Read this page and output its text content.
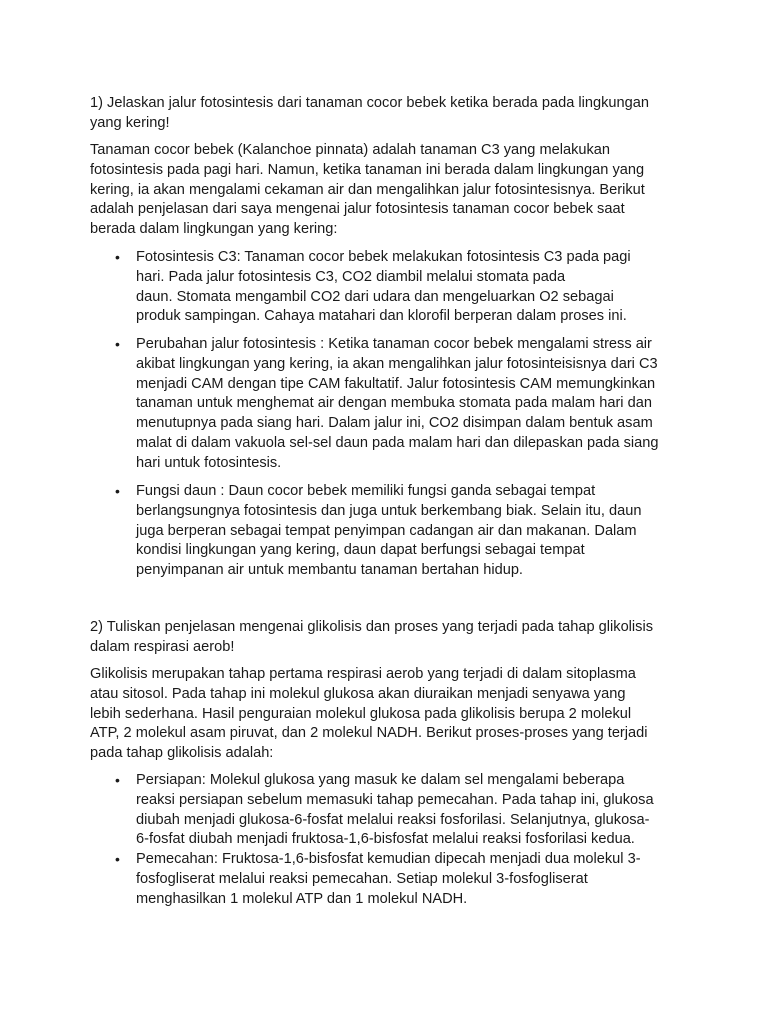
1) Jelaskan jalur fotosintesis dari tanaman cocor bebek ketika berada pada lingkungan yang kering!
Tanaman cocor bebek (Kalanchoe pinnata) adalah tanaman C3 yang melakukan
fotosintesis pada pagi hari. Namun, ketika tanaman ini berada dalam lingkungan yang
kering, ia akan mengalami cekaman air dan mengalihkan jalur fotosintesisnya. Berikut
adalah penjelasan dari saya mengenai jalur fotosintesis tanaman cocor bebek saat
berada dalam lingkungan yang kering:
• Fotosintesis C3: Tanaman cocor bebek melakukan fotosintesis C3 pada pagi
hari. Pada jalur fotosintesis C3, CO2 diambil melalui stomata pada
daun. Stomata mengambil CO2 dari udara dan mengeluarkan O2 sebagai
produk sampingan. Cahaya matahari dan klorofil berperan dalam proses ini.
• Perubahan jalur fotosintesis : Ketika tanaman cocor bebek mengalami stress air
akibat lingkungan yang kering, ia akan mengalihkan jalur fotosinteisisnya dari C3
menjadi CAM dengan tipe CAM fakultatif. Jalur fotosintesis CAM memungkinkan
tanaman untuk menghemat air dengan membuka stomata pada malam hari dan
menutupnya pada siang hari. Dalam jalur ini, CO2 disimpan dalam bentuk asam
malat di dalam vakuola sel-sel daun pada malam hari dan dilepaskan pada siang
hari untuk fotosintesis.
• Fungsi daun : Daun cocor bebek memiliki fungsi ganda sebagai tempat
berlangsungnya fotosintesis dan juga untuk berkembang biak. Selain itu, daun
juga berperan sebagai tempat penyimpan cadangan air dan makanan. Dalam
kondisi lingkungan yang kering, daun dapat berfungsi sebagai tempat
penyimpanan air untuk membantu tanaman bertahan hidup.
2) Tuliskan penjelasan mengenai glikolisis dan proses yang terjadi pada tahap glikolisis
dalam respirasi aerob!
Glikolisis merupakan tahap pertama respirasi aerob yang terjadi di dalam sitoplasma
atau sitosol. Pada tahap ini molekul glukosa akan diuraikan menjadi senyawa yang
lebih sederhana. Hasil penguraian molekul glukosa pada glikolisis berupa 2 molekul
ATP, 2 molekul asam piruvat, dan 2 molekul NADH. Berikut proses-proses yang terjadi
pada tahap glikolisis adalah:
• Persiapan: Molekul glukosa yang masuk ke dalam sel mengalami beberapa
reaksi persiapan sebelum memasuki tahap pemecahan. Pada tahap ini, glukosa
diubah menjadi glukosa-6-fosfat melalui reaksi fosforilasi. Selanjutnya, glukosa-
6-fosfat diubah menjadi fruktosa-1,6-bisfosfat melalui reaksi fosforilasi kedua.
• Pemecahan: Fruktosa-1,6-bisfosfat kemudian dipecah menjadi dua molekul 3-
fosfogliserat melalui reaksi pemecahan. Setiap molekul 3-fosfogliserat
menghasilkan 1 molekul ATP dan 1 molekul NADH.
